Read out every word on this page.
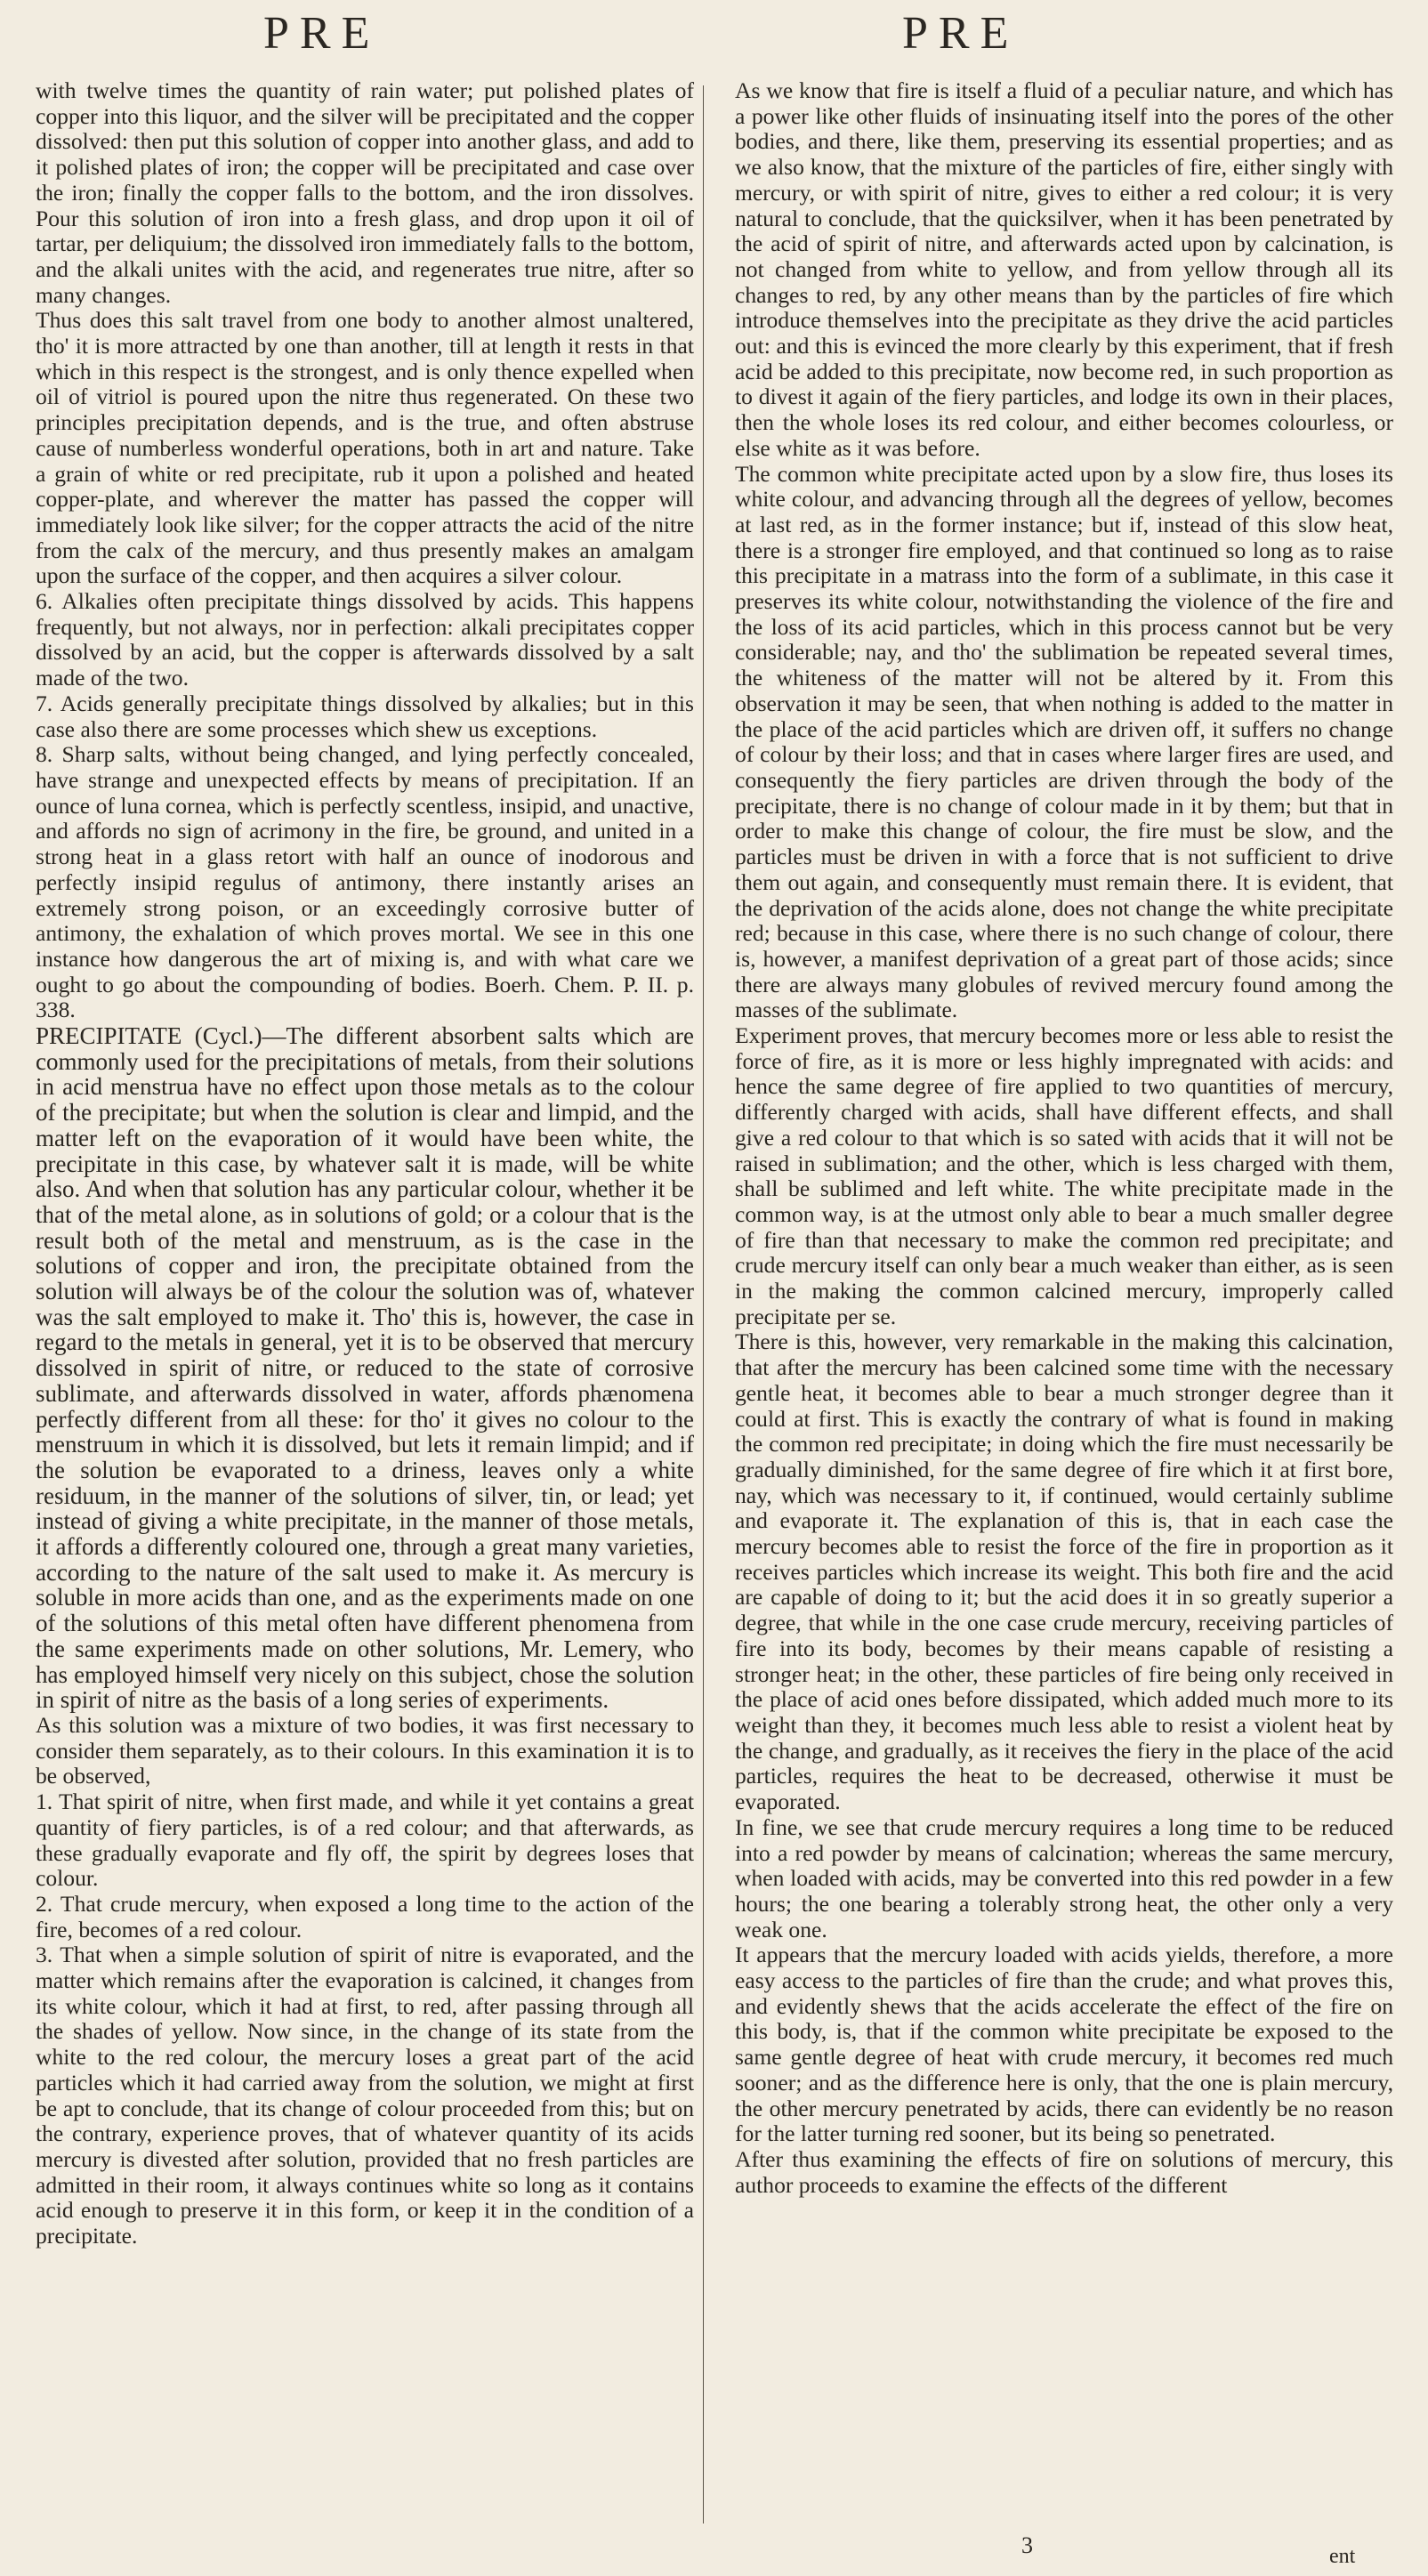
PRE	PRE

with twelve times the quantity of rain water; put polished plates of copper into this liquor, and the silver will be precipitated and the copper dissolved: then put this solution of copper into another glass, and add to it polished plates of iron; the copper will be precipitated and case over the iron; finally the copper falls to the bottom, and the iron dissolves. Pour this solution of iron into a fresh glass, and drop upon it oil of tartar, per deliquium; the dissolved iron immediately falls to the bottom, and the alkali unites with the acid, and regenerates true nitre, after so many changes.

Thus does this salt travel from one body to another almost unaltered, tho' it is more attracted by one than another, till at length it rests in that which in this respect is the strongest, and is only thence expelled when oil of vitriol is poured upon the nitre thus regenerated. On these two principles precipitation depends, and is the true, and often abstruse cause of numberless wonderful operations, both in art and nature. Take a grain of white or red precipitate, rub it upon a polished and heated copper-plate, and wherever the matter has passed the copper will immediately look like silver; for the copper attracts the acid of the nitre from the calx of the mercury, and thus presently makes an amalgam upon the surface of the copper, and then acquires a silver colour.

6. Alkalies often precipitate things dissolved by acids. This happens frequently, but not always, nor in perfection: alkali precipitates copper dissolved by an acid, but the copper is afterwards dissolved by a salt made of the two.

7. Acids generally precipitate things dissolved by alkalies; but in this case also there are some processes which shew us exceptions.

8. Sharp salts, without being changed, and lying perfectly concealed, have strange and unexpected effects by means of precipitation. If an ounce of luna cornea, which is perfectly scentless, insipid, and unactive, and affords no sign of acrimony in the fire, be ground, and united in a strong heat in a glass retort with half an ounce of inodorous and perfectly insipid regulus of antimony, there instantly arises an extremely strong poison, or an exceedingly corrosive butter of antimony, the exhalation of which proves mortal. We see in this one instance how dangerous the art of mixing is, and with what care we ought to go about the compounding of bodies. Boerh. Chem. P. II. p. 338.

PRECIPITATE (Cycl.)—The different absorbent salts which are commonly used for the precipitations of metals, from their solutions in acid menstrua have no effect upon those metals as to the colour of the precipitate; but when the solution is clear and limpid, and the matter left on the evaporation of it would have been white, the precipitate in this case, by whatever salt it is made, will be white also. And when that solution has any particular colour, whether it be that of the metal alone, as in solutions of gold; or a colour that is the result both of the metal and menstruum, as is the case in the solutions of copper and iron, the precipitate obtained from the solution will always be of the colour the solution was of, whatever was the salt employed to make it. Tho' this is, however, the case in regard to the metals in general, yet it is to be observed that mercury dissolved in spirit of nitre, or reduced to the state of corrosive sublimate, and afterwards dissolved in water, affords phænomena perfectly different from all these: for tho' it gives no colour to the menstruum in which it is dissolved, but lets it remain limpid; and if the solution be evaporated to a driness, leaves only a white residuum, in the manner of the solutions of silver, tin, or lead; yet instead of giving a white precipitate, in the manner of those metals, it affords a differently coloured one, through a great many varieties, according to the nature of the salt used to make it. As mercury is soluble in more acids than one, and as the experiments made on one of the solutions of this metal often have different phenomena from the same experiments made on other solutions, Mr. Lemery, who has employed himself very nicely on this subject, chose the solution in spirit of nitre as the basis of a long series of experiments.

As this solution was a mixture of two bodies, it was first necessary to consider them separately, as to their colours. In this examination it is to be observed,

1. That spirit of nitre, when first made, and while it yet contains a great quantity of fiery particles, is of a red colour; and that afterwards, as these gradually evaporate and fly off, the spirit by degrees loses that colour.

2. That crude mercury, when exposed a long time to the action of the fire, becomes of a red colour.

3. That when a simple solution of spirit of nitre is evaporated, and the matter which remains after the evaporation is calcined, it changes from its white colour, which it had at first, to red, after passing through all the shades of yellow. Now since, in the change of its state from the white to the red colour, the mercury loses a great part of the acid particles which it had carried away from the solution, we might at first be apt to conclude, that its change of colour proceeded from this; but on the contrary, experience proves, that of whatever quantity of its acids mercury is divested after solution, provided that no fresh particles are admitted in their room, it always continues white so long as it contains acid enough to preserve it in this form, or keep it in the condition of a precipitate.

As we know that fire is itself a fluid of a peculiar nature, and which has a power like other fluids of insinuating itself into the pores of the other bodies, and there, like them, preserving its essential properties; and as we also know, that the mixture of the particles of fire, either singly with mercury, or with spirit of nitre, gives to either a red colour; it is very natural to conclude, that the quicksilver, when it has been penetrated by the acid of spirit of nitre, and afterwards acted upon by calcination, is not changed from white to yellow, and from yellow through all its changes to red, by any other means than by the particles of fire which introduce themselves into the precipitate as they drive the acid particles out: and this is evinced the more clearly by this experiment, that if fresh acid be added to this precipitate, now become red, in such proportion as to divest it again of the fiery particles, and lodge its own in their places, then the whole loses its red colour, and either becomes colourless, or else white as it was before.

The common white precipitate acted upon by a slow fire, thus loses its white colour, and advancing through all the degrees of yellow, becomes at last red, as in the former instance; but if, instead of this slow heat, there is a stronger fire employed, and that continued so long as to raise this precipitate in a matrass into the form of a sublimate, in this case it preserves its white colour, notwithstanding the violence of the fire and the loss of its acid particles, which in this process cannot but be very considerable; nay, and tho' the sublimation be repeated several times, the whiteness of the matter will not be altered by it. From this observation it may be seen, that when nothing is added to the matter in the place of the acid particles which are driven off, it suffers no change of colour by their loss; and that in cases where larger fires are used, and consequently the fiery particles are driven through the body of the precipitate, there is no change of colour made in it by them; but that in order to make this change of colour, the fire must be slow, and the particles must be driven in with a force that is not sufficient to drive them out again, and consequently must remain there. It is evident, that the deprivation of the acids alone, does not change the white precipitate red; because in this case, where there is no such change of colour, there is, however, a manifest deprivation of a great part of those acids; since there are always many globules of revived mercury found among the masses of the sublimate.

Experiment proves, that mercury becomes more or less able to resist the force of fire, as it is more or less highly impregnated with acids: and hence the same degree of fire applied to two quantities of mercury, differently charged with acids, shall have different effects, and shall give a red colour to that which is so sated with acids that it will not be raised in sublimation; and the other, which is less charged with them, shall be sublimed and left white. The white precipitate made in the common way, is at the utmost only able to bear a much smaller degree of fire than that necessary to make the common red precipitate; and crude mercury itself can only bear a much weaker than either, as is seen in the making the common calcined mercury, improperly called precipitate per se.

There is this, however, very remarkable in the making this calcination, that after the mercury has been calcined some time with the necessary gentle heat, it becomes able to bear a much stronger degree than it could at first. This is exactly the contrary of what is found in making the common red precipitate; in doing which the fire must necessarily be gradually diminished, for the same degree of fire which it at first bore, nay, which was necessary to it, if continued, would certainly sublime and evaporate it. The explanation of this is, that in each case the mercury becomes able to resist the force of the fire in proportion as it receives particles which increase its weight. This both fire and the acid are capable of doing to it; but the acid does it in so greatly superior a degree, that while in the one case crude mercury, receiving particles of fire into its body, becomes by their means capable of resisting a stronger heat; in the other, these particles of fire being only received in the place of acid ones before dissipated, which added much more to its weight than they, it becomes much less able to resist a violent heat by the change, and gradually, as it receives the fiery in the place of the acid particles, requires the heat to be decreased, otherwise it must be evaporated.

In fine, we see that crude mercury requires a long time to be reduced into a red powder by means of calcination; whereas the same mercury, when loaded with acids, may be converted into this red powder in a few hours; the one bearing a tolerably strong heat, the other only a very weak one.

It appears that the mercury loaded with acids yields, therefore, a more easy access to the particles of fire than the crude; and what proves this, and evidently shews that the acids accelerate the effect of the fire on this body, is, that if the common white precipitate be exposed to the same gentle degree of heat with crude mercury, it becomes red much sooner; and as the difference here is only, that the one is plain mercury, the other mercury penetrated by acids, there can evidently be no reason for the latter turning red sooner, but its being so penetrated.

After thus examining the effects of fire on solutions of mercury, this author proceeds to examine the effects of the different

3	ent
